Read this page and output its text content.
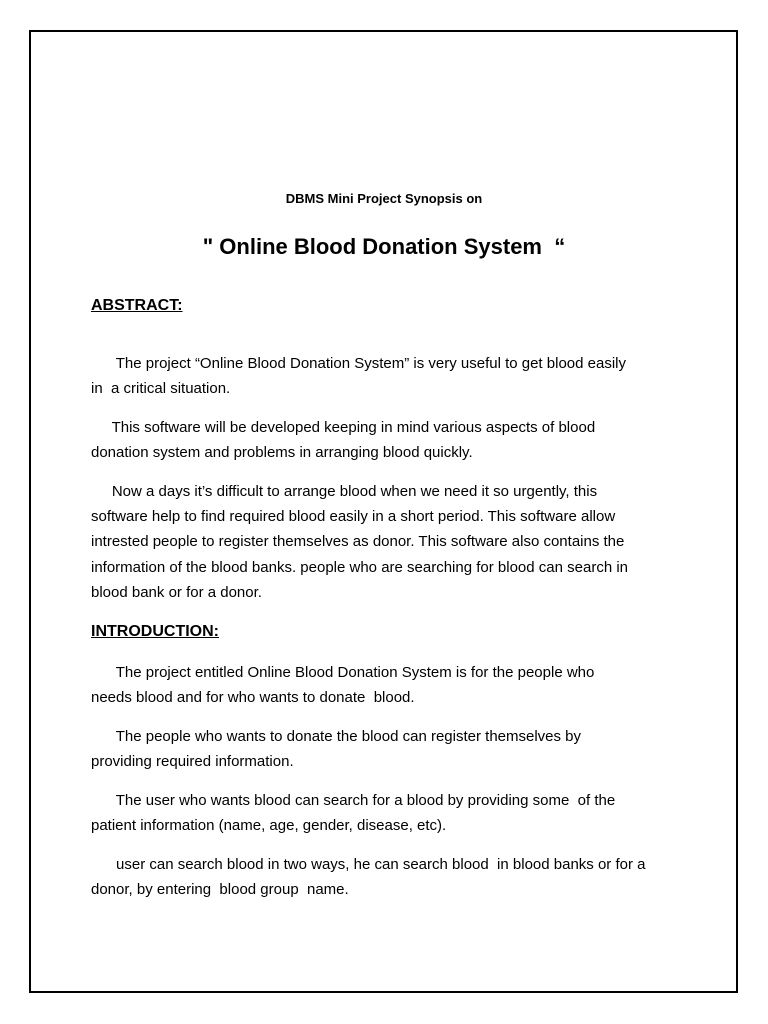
DBMS Mini Project Synopsis on
" Online Blood Donation System  “
ABSTRACT:
The project “Online Blood Donation System” is very useful to get blood easily
in  a critical situation.
This software will be developed keeping in mind various aspects of blood
donation system and problems in arranging blood quickly.
Now a days it’s difficult to arrange blood when we need it so urgently, this
software help to find required blood easily in a short period. This software allow
intrested people to register themselves as donor. This software also contains the
information of the blood banks. people who are searching for blood can search in
blood bank or for a donor.
INTRODUCTION:
The project entitled Online Blood Donation System is for the people who
needs blood and for who wants to donate  blood.
The people who wants to donate the blood can register themselves by
providing required information.
The user who wants blood can search for a blood by providing some  of the
patient information (name, age, gender, disease, etc).
user can search blood in two ways, he can search blood  in blood banks or for a
donor, by entering  blood group  name.
